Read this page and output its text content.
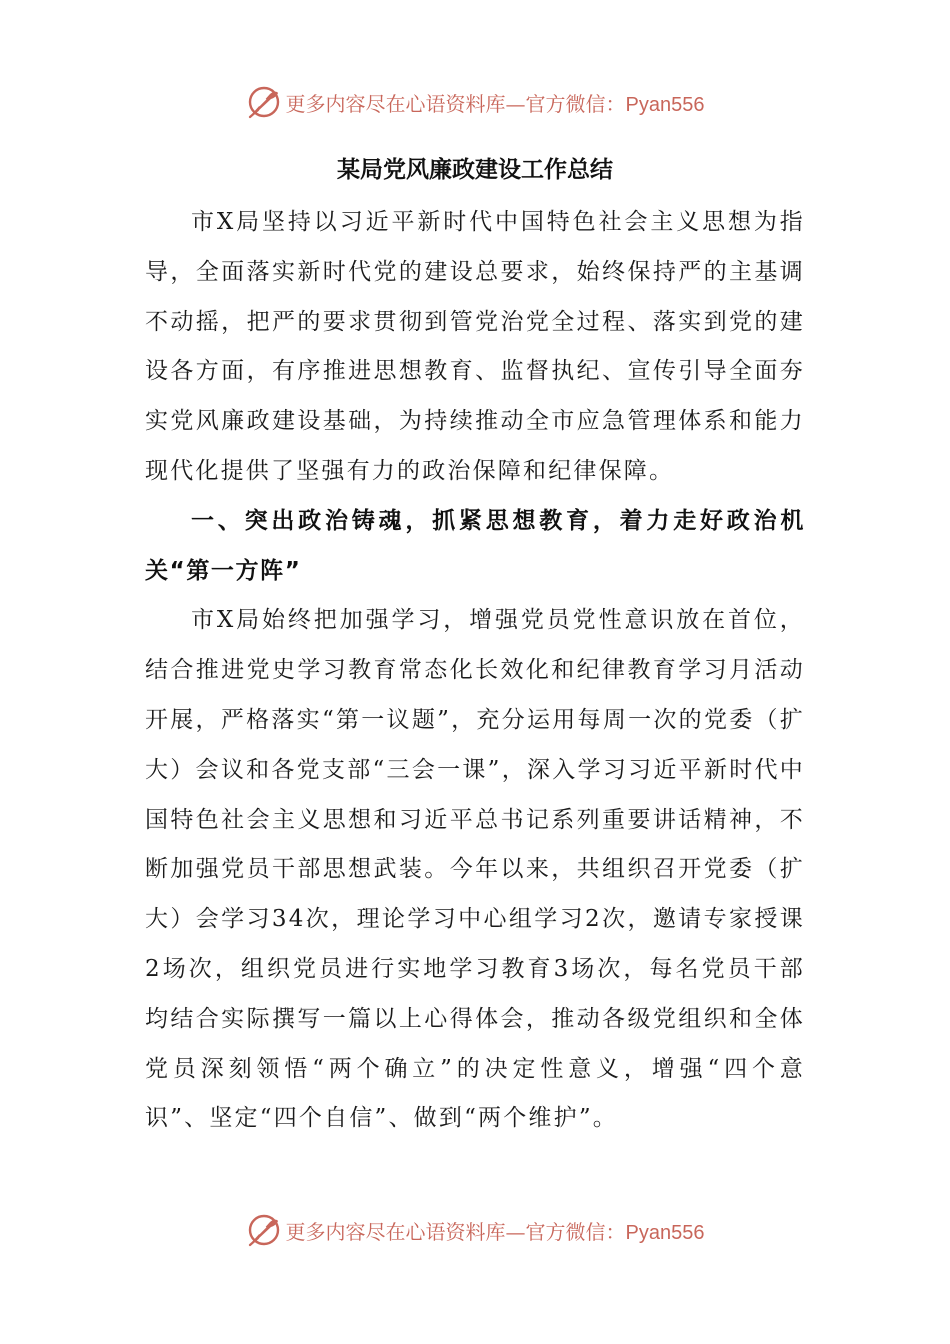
更多内容尽在心语资料库—官方微信：Pyan556
某局党风廉政建设工作总结

市X局坚持以习近平新时代中国特色社会主义思想为指导，全面落实新时代党的建设总要求，始终保持严的主基调不动摇，把严的要求贯彻到管党治党全过程、落实到党的建设各方面，有序推进思想教育、监督执纪、宣传引导全面夯实党风廉政建设基础，为持续推动全市应急管理体系和能力现代化提供了坚强有力的政治保障和纪律保障。

一、突出政治铸魂，抓紧思想教育，着力走好政治机关“第一方阵”

市X局始终把加强学习，增强党员党性意识放在首位，结合推进党史学习教育常态化长效化和纪律教育学习月活动开展，严格落实“第一议题”，充分运用每周一次的党委（扩大）会议和各党支部“三会一课”，深入学习习近平新时代中国特色社会主义思想和习近平总书记系列重要讲话精神，不断加强党员干部思想武装。今年以来，共组织召开党委（扩大）会学习34次，理论学习中心组学习2次，邀请专家授课2场次，组织党员进行实地学习教育3场次，每名党员干部均结合实际撰写一篇以上心得体会，推动各级党组织和全体党员深刻领悟“两个确立”的决定性意义，增强“四个意识”、坚定“四个自信”、做到“两个维护”。

更多内容尽在心语资料库—官方微信：Pyan556
